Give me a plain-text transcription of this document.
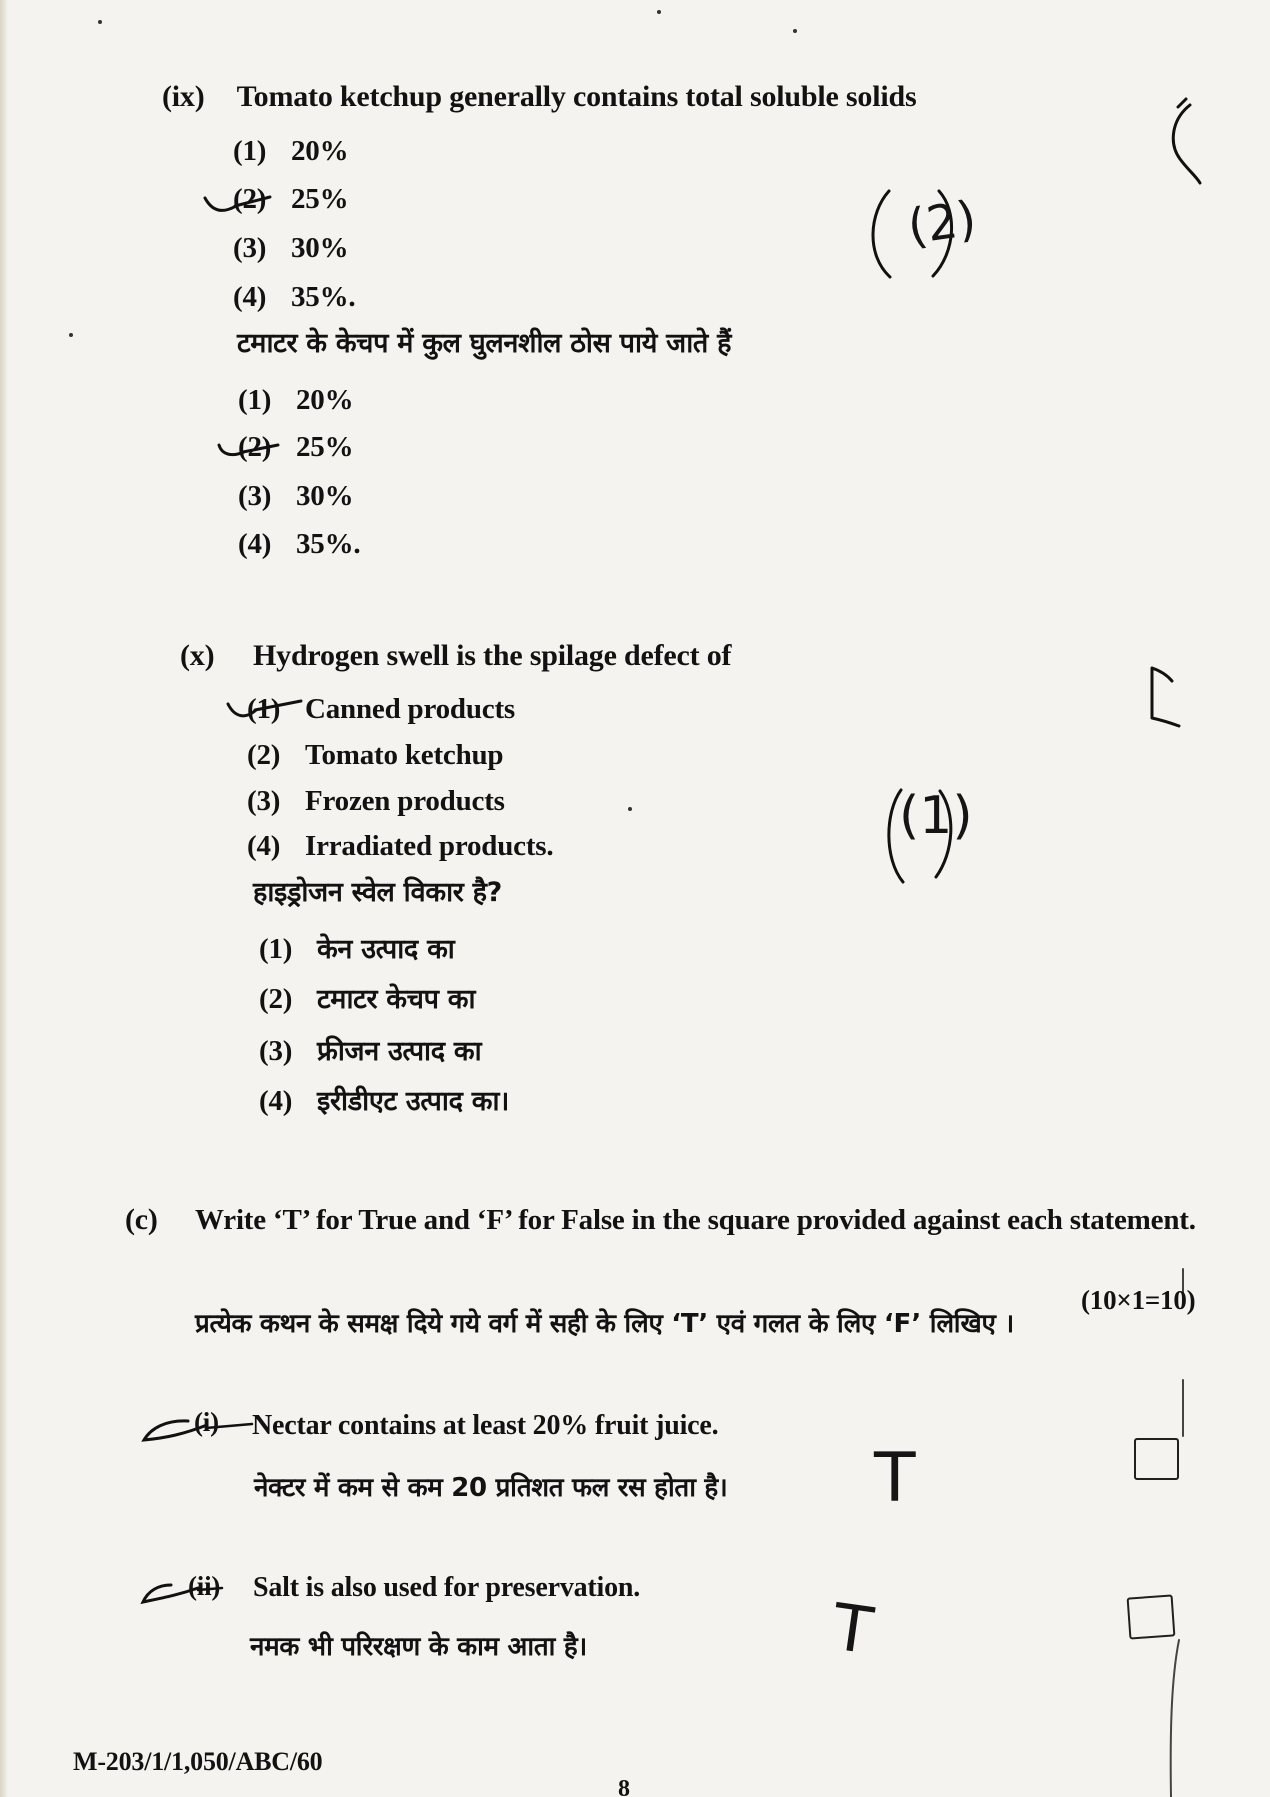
(ix) Tomato ketchup generally contains total soluble solids
(1) 20%
(2) 25%
(3) 30%
(4) 35%.
टमाटर के केचप में कुल घुलनशील ठोस पाये जाते हैं
(1) 20%
(2) 25%
(3) 30%
(4) 35%.
(2)
(x) Hydrogen swell is the spilage defect of
(1) Canned products
(2) Tomato ketchup
(3) Frozen products
(4) Irradiated products.
हाइड्रोजन स्वेल विकार है?
(1) केन उत्पाद का
(2) टमाटर केचप का
(3) फ्रीजन उत्पाद का
(4) इरीडीएट उत्पाद का।
(1)
(c) Write ‘T’ for True and ‘F’ for False in the square provided against each statement.
(10×1=10)
प्रत्येक कथन के समक्ष दिये गये वर्ग में सही के लिए ‘T’ एवं गलत के लिए ‘F’ लिखिए ।
(i) Nectar contains at least 20% fruit juice.
नेक्टर में कम से कम 20 प्रतिशत फल रस होता है। T
(ii) Salt is also used for preservation.
नमक भी परिरक्षण के काम आता है।	T
M-203/1/1,050/ABC/60
8
